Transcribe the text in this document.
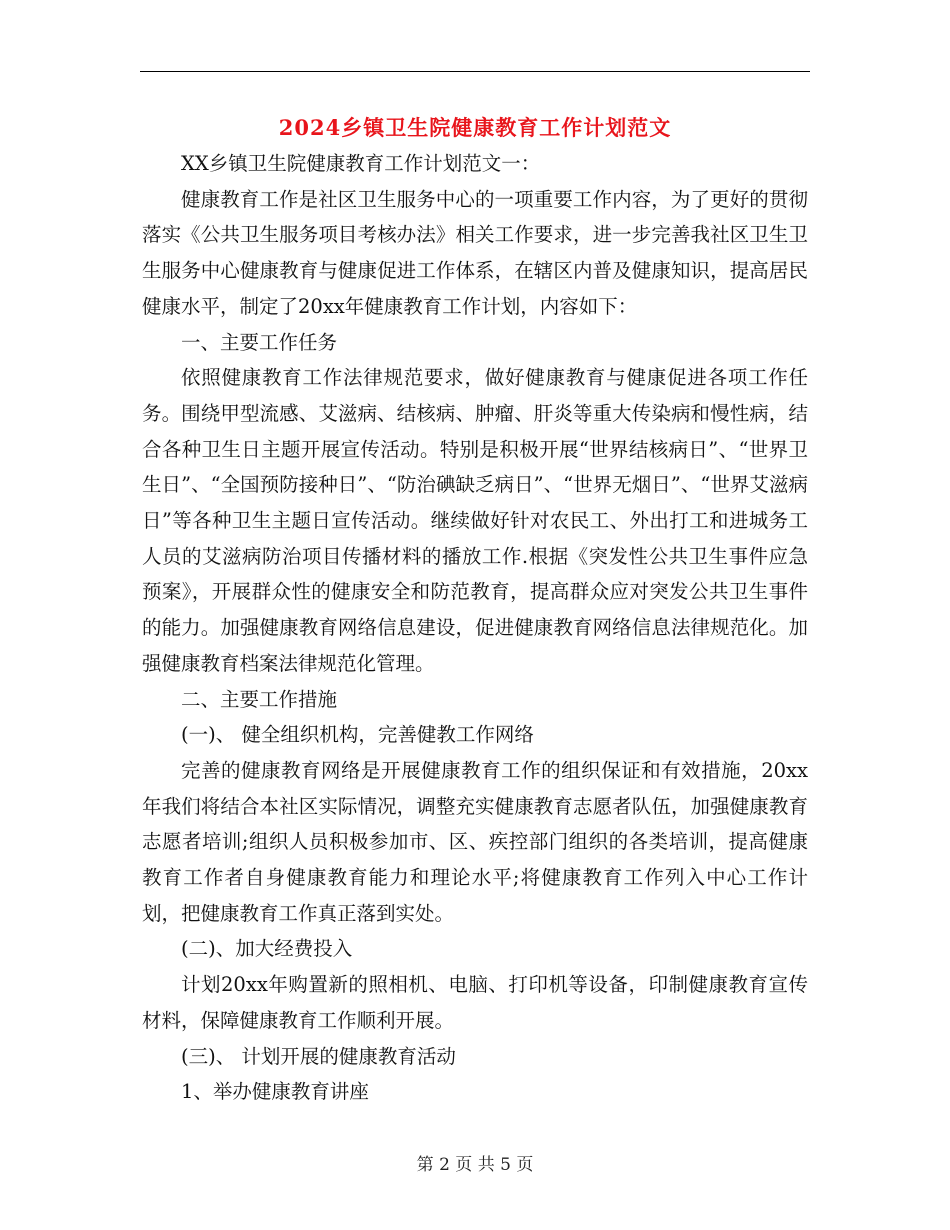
2024乡镇卫生院健康教育工作计划范文

XX乡镇卫生院健康教育工作计划范文一：

健康教育工作是社区卫生服务中心的一项重要工作内容，为了更好的贯彻落实《公共卫生服务项目考核办法》相关工作要求，进一步完善我社区卫生卫生服务中心健康教育与健康促进工作体系，在辖区内普及健康知识，提高居民健康水平，制定了20xx年健康教育工作计划，内容如下：

一、主要工作任务

依照健康教育工作法律规范要求，做好健康教育与健康促进各项工作任务。围绕甲型流感、艾滋病、结核病、肿瘤、肝炎等重大传染病和慢性病，结合各种卫生日主题开展宣传活动。特别是积极开展“世界结核病日”、“世界卫生日”、“全国预防接种日”、“防治碘缺乏病日”、“世界无烟日”、“世界艾滋病日”等各种卫生主题日宣传活动。继续做好针对农民工、外出打工和进城务工人员的艾滋病防治项目传播材料的播放工作.根据《突发性公共卫生事件应急预案》，开展群众性的健康安全和防范教育，提高群众应对突发公共卫生事件的能力。加强健康教育网络信息建设，促进健康教育网络信息法律规范化。加强健康教育档案法律规范化管理。

二、主要工作措施

(一)、 健全组织机构，完善健教工作网络

完善的健康教育网络是开展健康教育工作的组织保证和有效措施，20xx年我们将结合本社区实际情况，调整充实健康教育志愿者队伍，加强健康教育志愿者培训;组织人员积极参加市、区、疾控部门组织的各类培训，提高健康教育工作者自身健康教育能力和理论水平;将健康教育工作列入中心工作计划，把健康教育工作真正落到实处。

(二)、加大经费投入

计划20xx年购置新的照相机、电脑、打印机等设备，印制健康教育宣传材料，保障健康教育工作顺利开展。

(三)、 计划开展的健康教育活动

1、举办健康教育讲座

第 2 页 共 5 页
